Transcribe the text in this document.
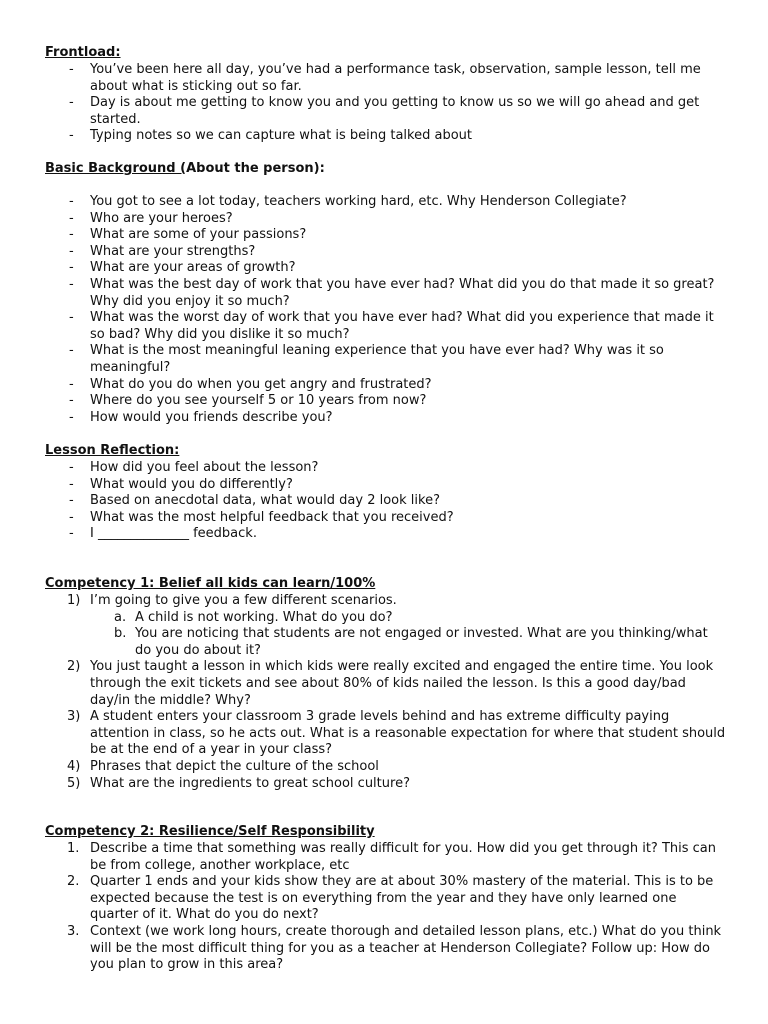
Frontload:
- You’ve been here all day, you’ve had a performance task, observation, sample lesson, tell me about what is sticking out so far.
- Day is about me getting to know you and you getting to know us so we will go ahead and get started.
- Typing notes so we can capture what is being talked about
Basic Background (About the person):
- You got to see a lot today, teachers working hard, etc. Why Henderson Collegiate?
- Who are your heroes?
- What are some of your passions?
- What are your strengths?
- What are your areas of growth?
- What was the best day of work that you have ever had? What did you do that made it so great? Why did you enjoy it so much?
- What was the worst day of work that you have ever had? What did you experience that made it so bad? Why did you dislike it so much?
- What is the most meaningful leaning experience that you have ever had? Why was it so meaningful?
- What do you do when you get angry and frustrated?
- Where do you see yourself 5 or 10 years from now?
- How would you friends describe you?
Lesson Reflection:
- How did you feel about the lesson?
- What would you do differently?
- Based on anecdotal data, what would day 2 look like?
- What was the most helpful feedback that you received?
- I ______________ feedback.
Competency 1: Belief all kids can learn/100%
1) I’m going to give you a few different scenarios.
a. A child is not working. What do you do?
b. You are noticing that students are not engaged or invested. What are you thinking/what do you do about it?
2) You just taught a lesson in which kids were really excited and engaged the entire time. You look through the exit tickets and see about 80% of kids nailed the lesson. Is this a good day/bad day/in the middle? Why?
3) A student enters your classroom 3 grade levels behind and has extreme difficulty paying attention in class, so he acts out. What is a reasonable expectation for where that student should be at the end of a year in your class?
4) Phrases that depict the culture of the school
5) What are the ingredients to great school culture?
Competency 2: Resilience/Self Responsibility
1. Describe a time that something was really difficult for you. How did you get through it? This can be from college, another workplace, etc
2. Quarter 1 ends and your kids show they are at about 30% mastery of the material. This is to be expected because the test is on everything from the year and they have only learned one quarter of it. What do you do next?
3. Context (we work long hours, create thorough and detailed lesson plans, etc.) What do you think will be the most difficult thing for you as a teacher at Henderson Collegiate? Follow up: How do you plan to grow in this area?
